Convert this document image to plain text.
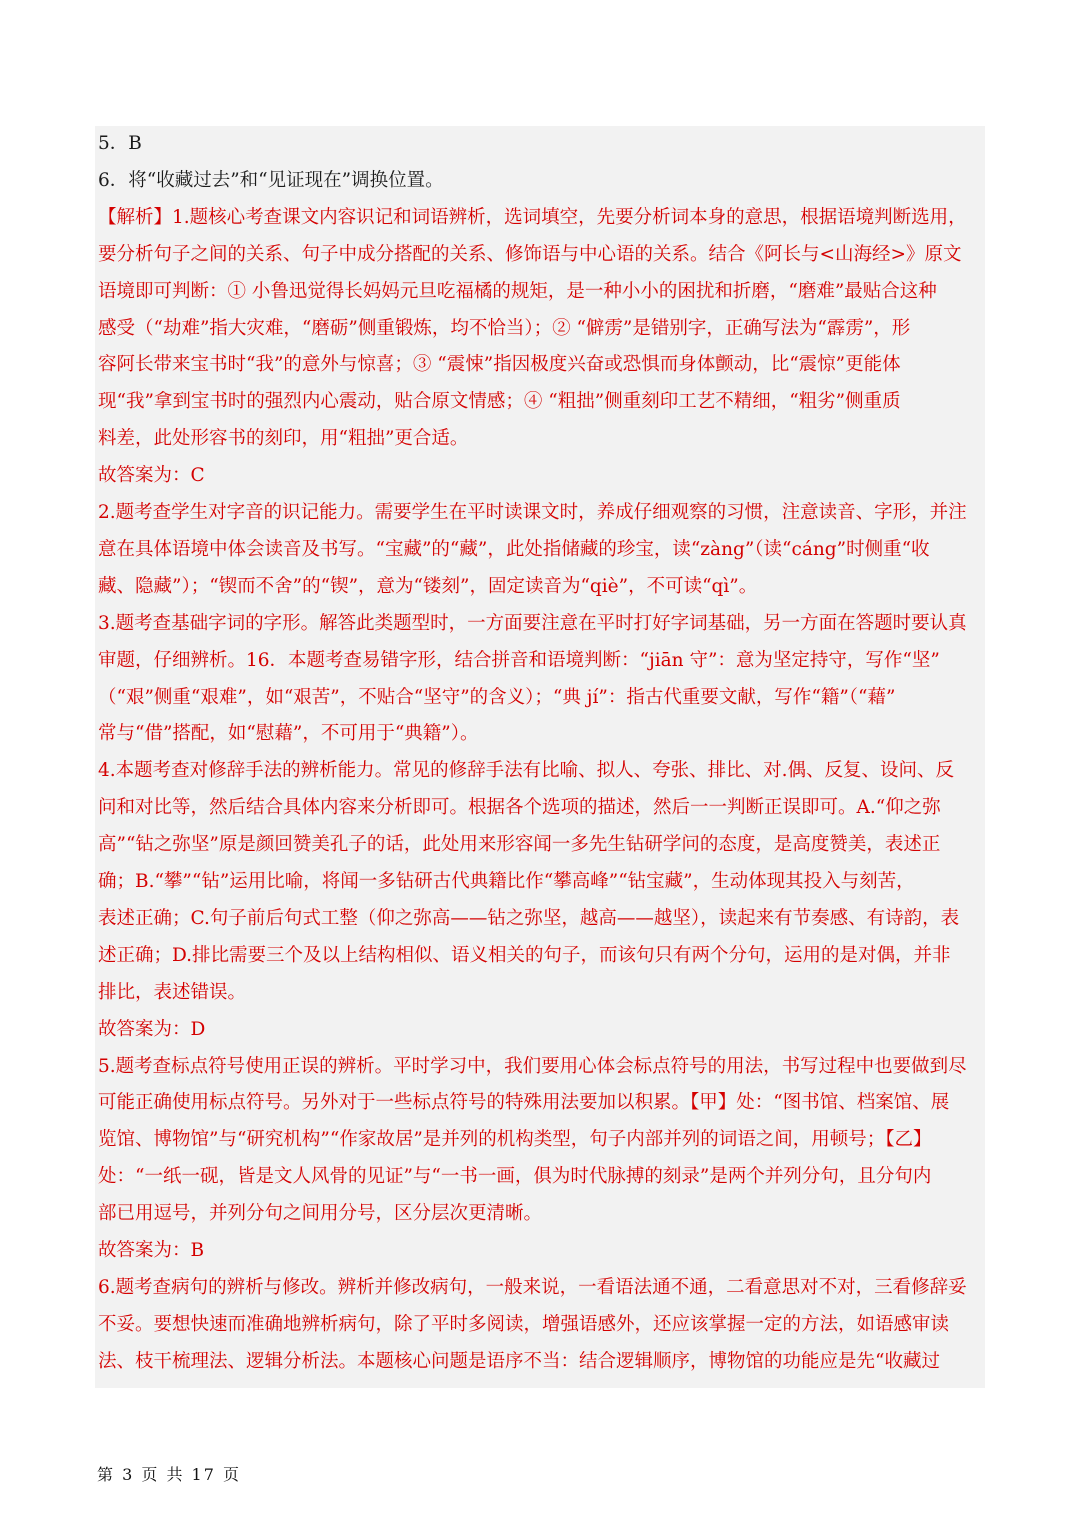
5．B
6．将“收藏过去”和“见证现在”调换位置。
【解析】1.题核心考查课文内容识记和词语辨析，选词填空，先要分析词本身的意思，根据语境判断选用，
要分析句子之间的关系、句子中成分搭配的关系、修饰语与中心语的关系。结合《阿长与<山海经>》原文
语境即可判断：① 小鲁迅觉得长妈妈元旦吃福橘的规矩，是一种小小的困扰和折磨，“磨难”最贴合这种
感受（“劫难”指大灾难，“磨砺”侧重锻炼，均不恰当）；② “僻雳”是错别字，正确写法为“霹雳”，形
容阿长带来宝书时“我”的意外与惊喜；③ “震悚”指因极度兴奋或恐惧而身体颤动，比“震惊”更能体
现“我”拿到宝书时的强烈内心震动，贴合原文情感；④ “粗拙”侧重刻印工艺不精细，“粗劣”侧重质
料差，此处形容书的刻印，用“粗拙”更合适。
故答案为：C
2.题考查学生对字音的识记能力。需要学生在平时读课文时，养成仔细观察的习惯，注意读音、字形，并注
意在具体语境中体会读音及书写。“宝藏”的“藏”，此处指储藏的珍宝，读“zàng”（读“cáng”时侧重“收
藏、隐藏”）；“锲而不舍”的“锲”，意为“镂刻”，固定读音为“qiè”，不可读“qì”。
3.题考查基础字词的字形。解答此类题型时，一方面要注意在平时打好字词基础，另一方面在答题时要认真
审题，仔细辨析。16．本题考查易错字形，结合拼音和语境判断：“jiān 守”：意为坚定持守，写作“坚”
（“艰”侧重“艰难”，如“艰苦”，不贴合“坚守”的含义）；“典 jí”：指古代重要文献，写作“籍”（“藉”
常与“借”搭配，如“慰藉”，不可用于“典籍”）。
4.本题考查对修辞手法的辨析能力。常见的修辞手法有比喻、拟人、夸张、排比、对.偶、反复、设问、反
问和对比等，然后结合具体内容来分析即可。根据各个选项的描述，然后一一判断正误即可。A.“仰之弥
高”“钻之弥坚”原是颜回赞美孔子的话，此处用来形容闻一多先生钻研学问的态度，是高度赞美，表述正
确；B.“攀”“钻”运用比喻，将闻一多钻研古代典籍比作“攀高峰”“钻宝藏”，生动体现其投入与刻苦，
表述正确；C.句子前后句式工整（仰之弥高——钻之弥坚，越高——越坚），读起来有节奏感、有诗韵，表
述正确；D.排比需要三个及以上结构相似、语义相关的句子，而该句只有两个分句，运用的是对偶，并非
排比，表述错误。
故答案为：D
5.题考查标点符号使用正误的辨析。平时学习中，我们要用心体会标点符号的用法，书写过程中也要做到尽
可能正确使用标点符号。另外对于一些标点符号的特殊用法要加以积累。【甲】处：“图书馆、档案馆、展
览馆、博物馆”与“研究机构”“作家故居”是并列的机构类型，句子内部并列的词语之间，用顿号；【乙】
处：“一纸一砚，皆是文人风骨的见证”与“一书一画，俱为时代脉搏的刻录”是两个并列分句，且分句内
部已用逗号，并列分句之间用分号，区分层次更清晰。
故答案为：B
6.题考查病句的辨析与修改。辨析并修改病句，一般来说，一看语法通不通，二看意思对不对，三看修辞妥
不妥。要想快速而准确地辨析病句，除了平时多阅读，增强语感外，还应该掌握一定的方法，如语感审读
法、枝干梳理法、逻辑分析法。本题核心问题是语序不当：结合逻辑顺序，博物馆的功能应是先“收藏过
第 3 页 共 17 页
